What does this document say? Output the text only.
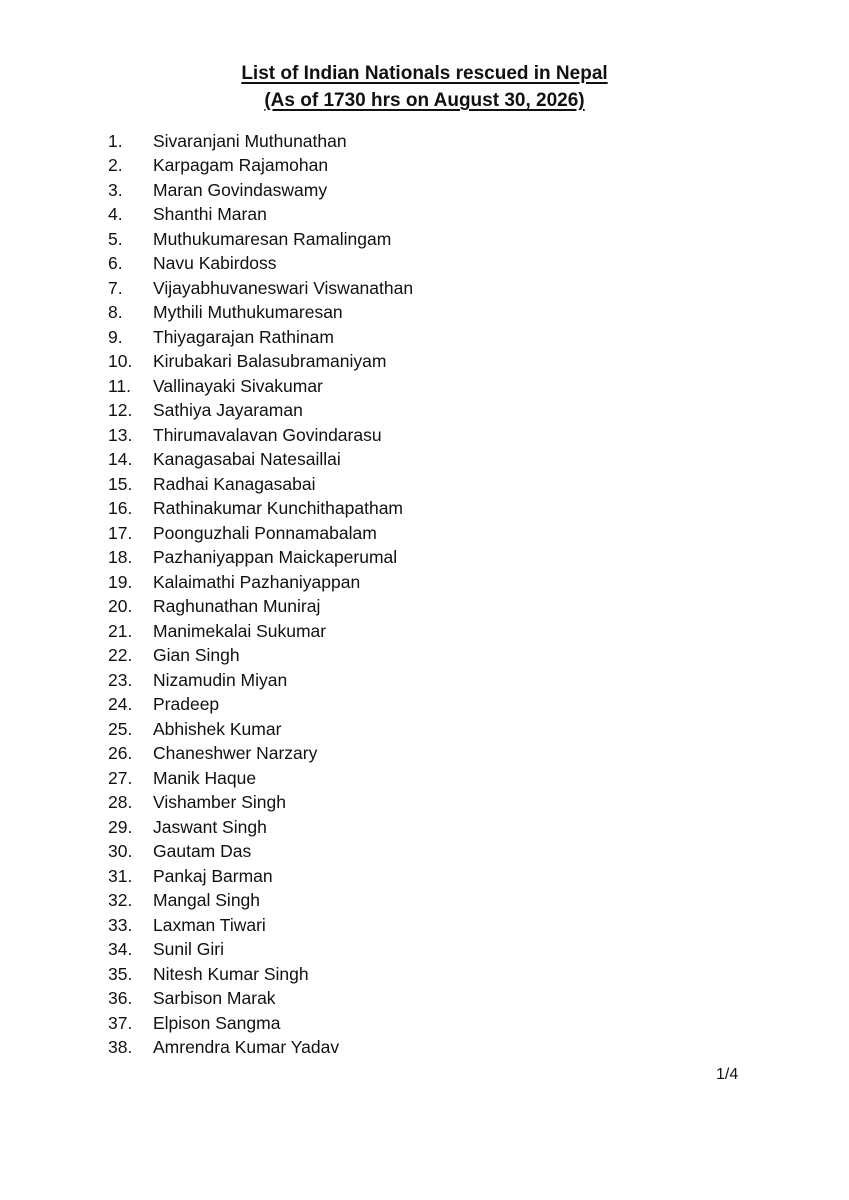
List of Indian Nationals rescued in Nepal
(As of 1730 hrs on August 30, 2026)
1. Sivaranjani Muthunathan
2. Karpagam Rajamohan
3. Maran Govindaswamy
4. Shanthi Maran
5. Muthukumaresan Ramalingam
6. Navu Kabirdoss
7. Vijayabhuvaneswari Viswanathan
8. Mythili Muthukumaresan
9. Thiyagarajan Rathinam
10. Kirubakari Balasubramaniyam
11. Vallinayaki Sivakumar
12. Sathiya Jayaraman
13. Thirumavalavan Govindarasu
14. Kanagasabai Natesaillai
15. Radhai Kanagasabai
16. Rathinakumar Kunchithapatham
17. Poonguzhali Ponnamabalam
18. Pazhaniyappan Maickaperumal
19. Kalaimathi Pazhaniyappan
20. Raghunathan Muniraj
21. Manimekalai Sukumar
22. Gian Singh
23. Nizamudin Miyan
24. Pradeep
25. Abhishek Kumar
26. Chaneshwer Narzary
27. Manik Haque
28. Vishamber Singh
29. Jaswant Singh
30. Gautam Das
31. Pankaj Barman
32. Mangal Singh
33. Laxman Tiwari
34. Sunil Giri
35. Nitesh Kumar Singh
36. Sarbison Marak
37. Elpison Sangma
38. Amrendra Kumar Yadav
1/4
